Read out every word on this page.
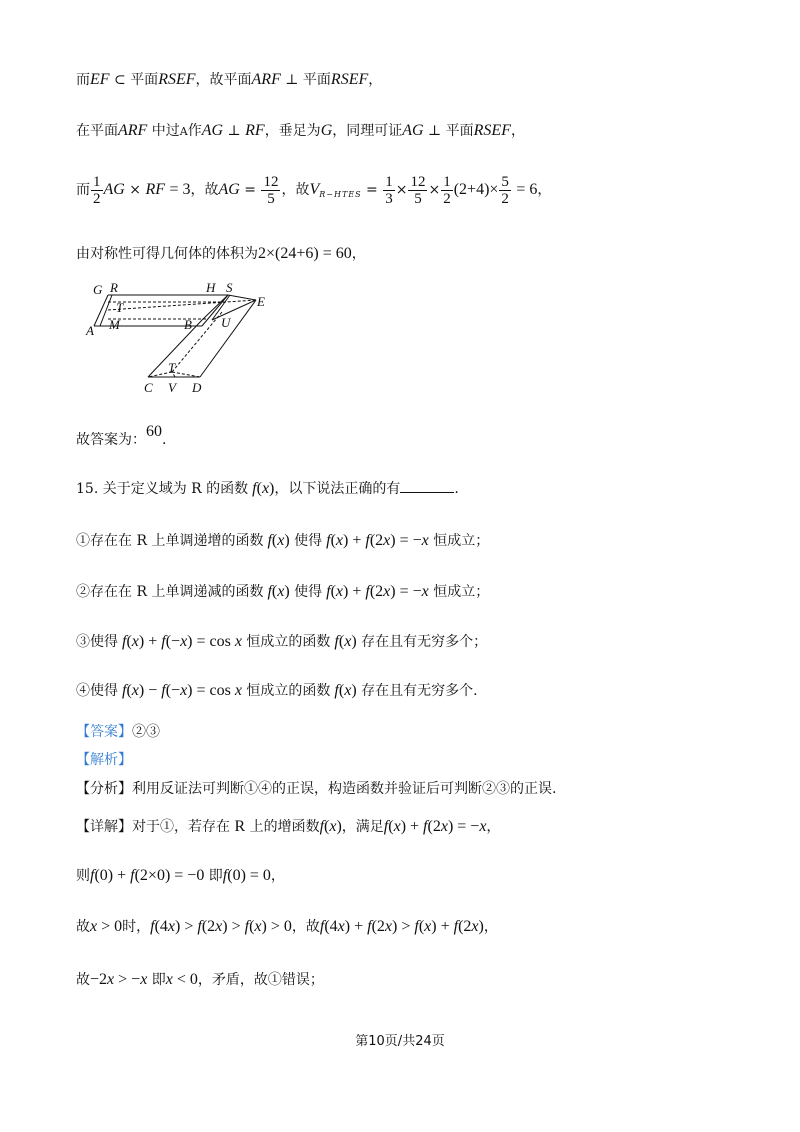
而EF ⊂ 平面RSEF，故平面ARF ⊥ 平面RSEF，
在平面ARF 中过A作AG ⊥ RF，垂足为G，同理可证AG ⊥ 平面RSEF，
而 $\frac{1}{2}$ AG × RF = 3，故AG = $\frac{12}{5}$ ，故$V_{R-HTES} = \frac{1}{3} \times \frac{12}{5} \times \frac{1}{2} (2+4)\times \frac{5}{2} = 6$，
由对称性可得几何体的体积为2×(24+6) = 60，
G R	H S
E
T
M
A	B U
T
C V D
故答案为：60.
15. 关于定义域为 R 的函数 f(x)，以下说法正确的有	.
①存在在 R 上单调递增的函数 f(x) 使得 f(x) + f(2x) = −x 恒成立；
②存在在 R 上单调递减的函数 f(x) 使得 f(x) + f(2x) = −x 恒成立；
③使得 f(x) + f(−x) = cos x 恒成立的函数 f(x) 存在且有无穷多个；
④使得 f(x) − f(−x) = cos x 恒成立的函数 f(x) 存在且有无穷多个.
【答案】②③
【解析】
【分析】利用反证法可判断①④的正误，构造函数并验证后可判断②③的正误.
【详解】对于①，若存在 R 上的增函数f(x)，满足f(x) + f(2x) = −x，
则f(0) + f(2×0) = −0 即f(0) = 0，
故x > 0时，f(4x) > f(2x) > f(x) > 0，故f(4x) + f(2x) > f(x) + f(2x)，
故−2x > −x 即x < 0，矛盾，故①错误；
第10页/共24页
